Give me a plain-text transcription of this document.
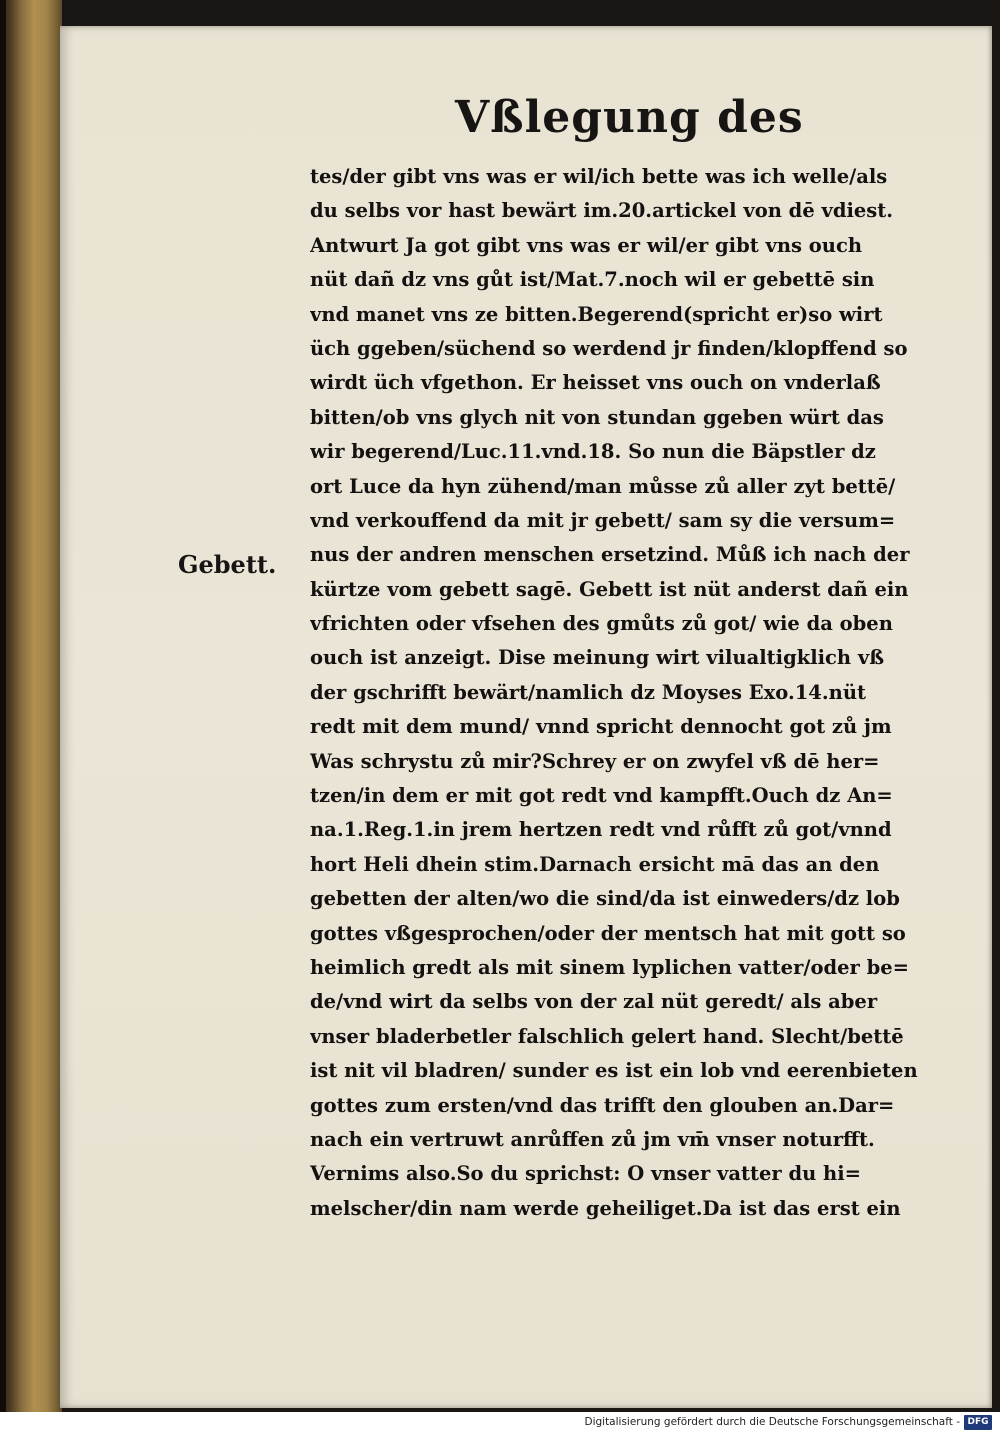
Vßlegung des
Gebett.
tes/der gibt vns was er wil/ich bette was ich welle/als
du selbs vor hast bewärt im.20.artickel von dē vdiest.
Antwurt Ja got gibt vns was er wil/er gibt vns ouch
nüt dañ dz vns gůt ist/Mat.7.noch wil er gebettē sin
vnd manet vns ze bitten.Begerend(spricht er)so wirt
üch ggeben/süchend so werdend jr finden/klopffend so
wirdt üch vfgethon. Er heisset vns ouch on vnderlaß
bitten/ob vns glych nit von stundan ggeben würt das
wir begerend/Luc.11.vnd.18. So nun die Bäpstler dz
ort Luce da hyn zühend/man můsse zů aller zyt bettē/
vnd verkouffend da mit jr gebett/ sam sy die versum=
nus der andren menschen ersetzind. Můß ich nach der
kürtze vom gebett sagē. Gebett ist nüt anderst dañ ein
vfrichten oder vfsehen des gmůts zů got/ wie da oben
ouch ist anzeigt. Dise meinung wirt vilualtigklich vß
der gschrifft bewärt/namlich dz Moyses Exo.14.nüt
redt mit dem mund/ vnnd spricht dennocht got zů jm
Was schrystu zů mir?Schrey er on zwyfel vß dē her=
tzen/in dem er mit got redt vnd kampfft.Ouch dz An=
na.1.Reg.1.in jrem hertzen redt vnd růfft zů got/vnnd
hort Heli dhein stim.Darnach ersicht mā das an den
gebetten der alten/wo die sind/da ist einweders/dz lob
gottes vßgesprochen/oder der mentsch hat mit gott so
heimlich gredt als mit sinem lyplichen vatter/oder be=
de/vnd wirt da selbs von der zal nüt geredt/ als aber
vnser bladerbetler falschlich gelert hand. Slecht/bettē
ist nit vil bladren/ sunder es ist ein lob vnd eerenbieten
gottes zum ersten/vnd das trifft den glouben an.Dar=
nach ein vertruwt anrůffen zů jm vm̄ vnser noturfft.
Vernims also.So du sprichst: O vnser vatter du hi=
melscher/din nam werde geheiliget.Da ist das erst ein
Digitalisierung gefördert durch die Deutsche Forschungsgemeinschaft - DFG
